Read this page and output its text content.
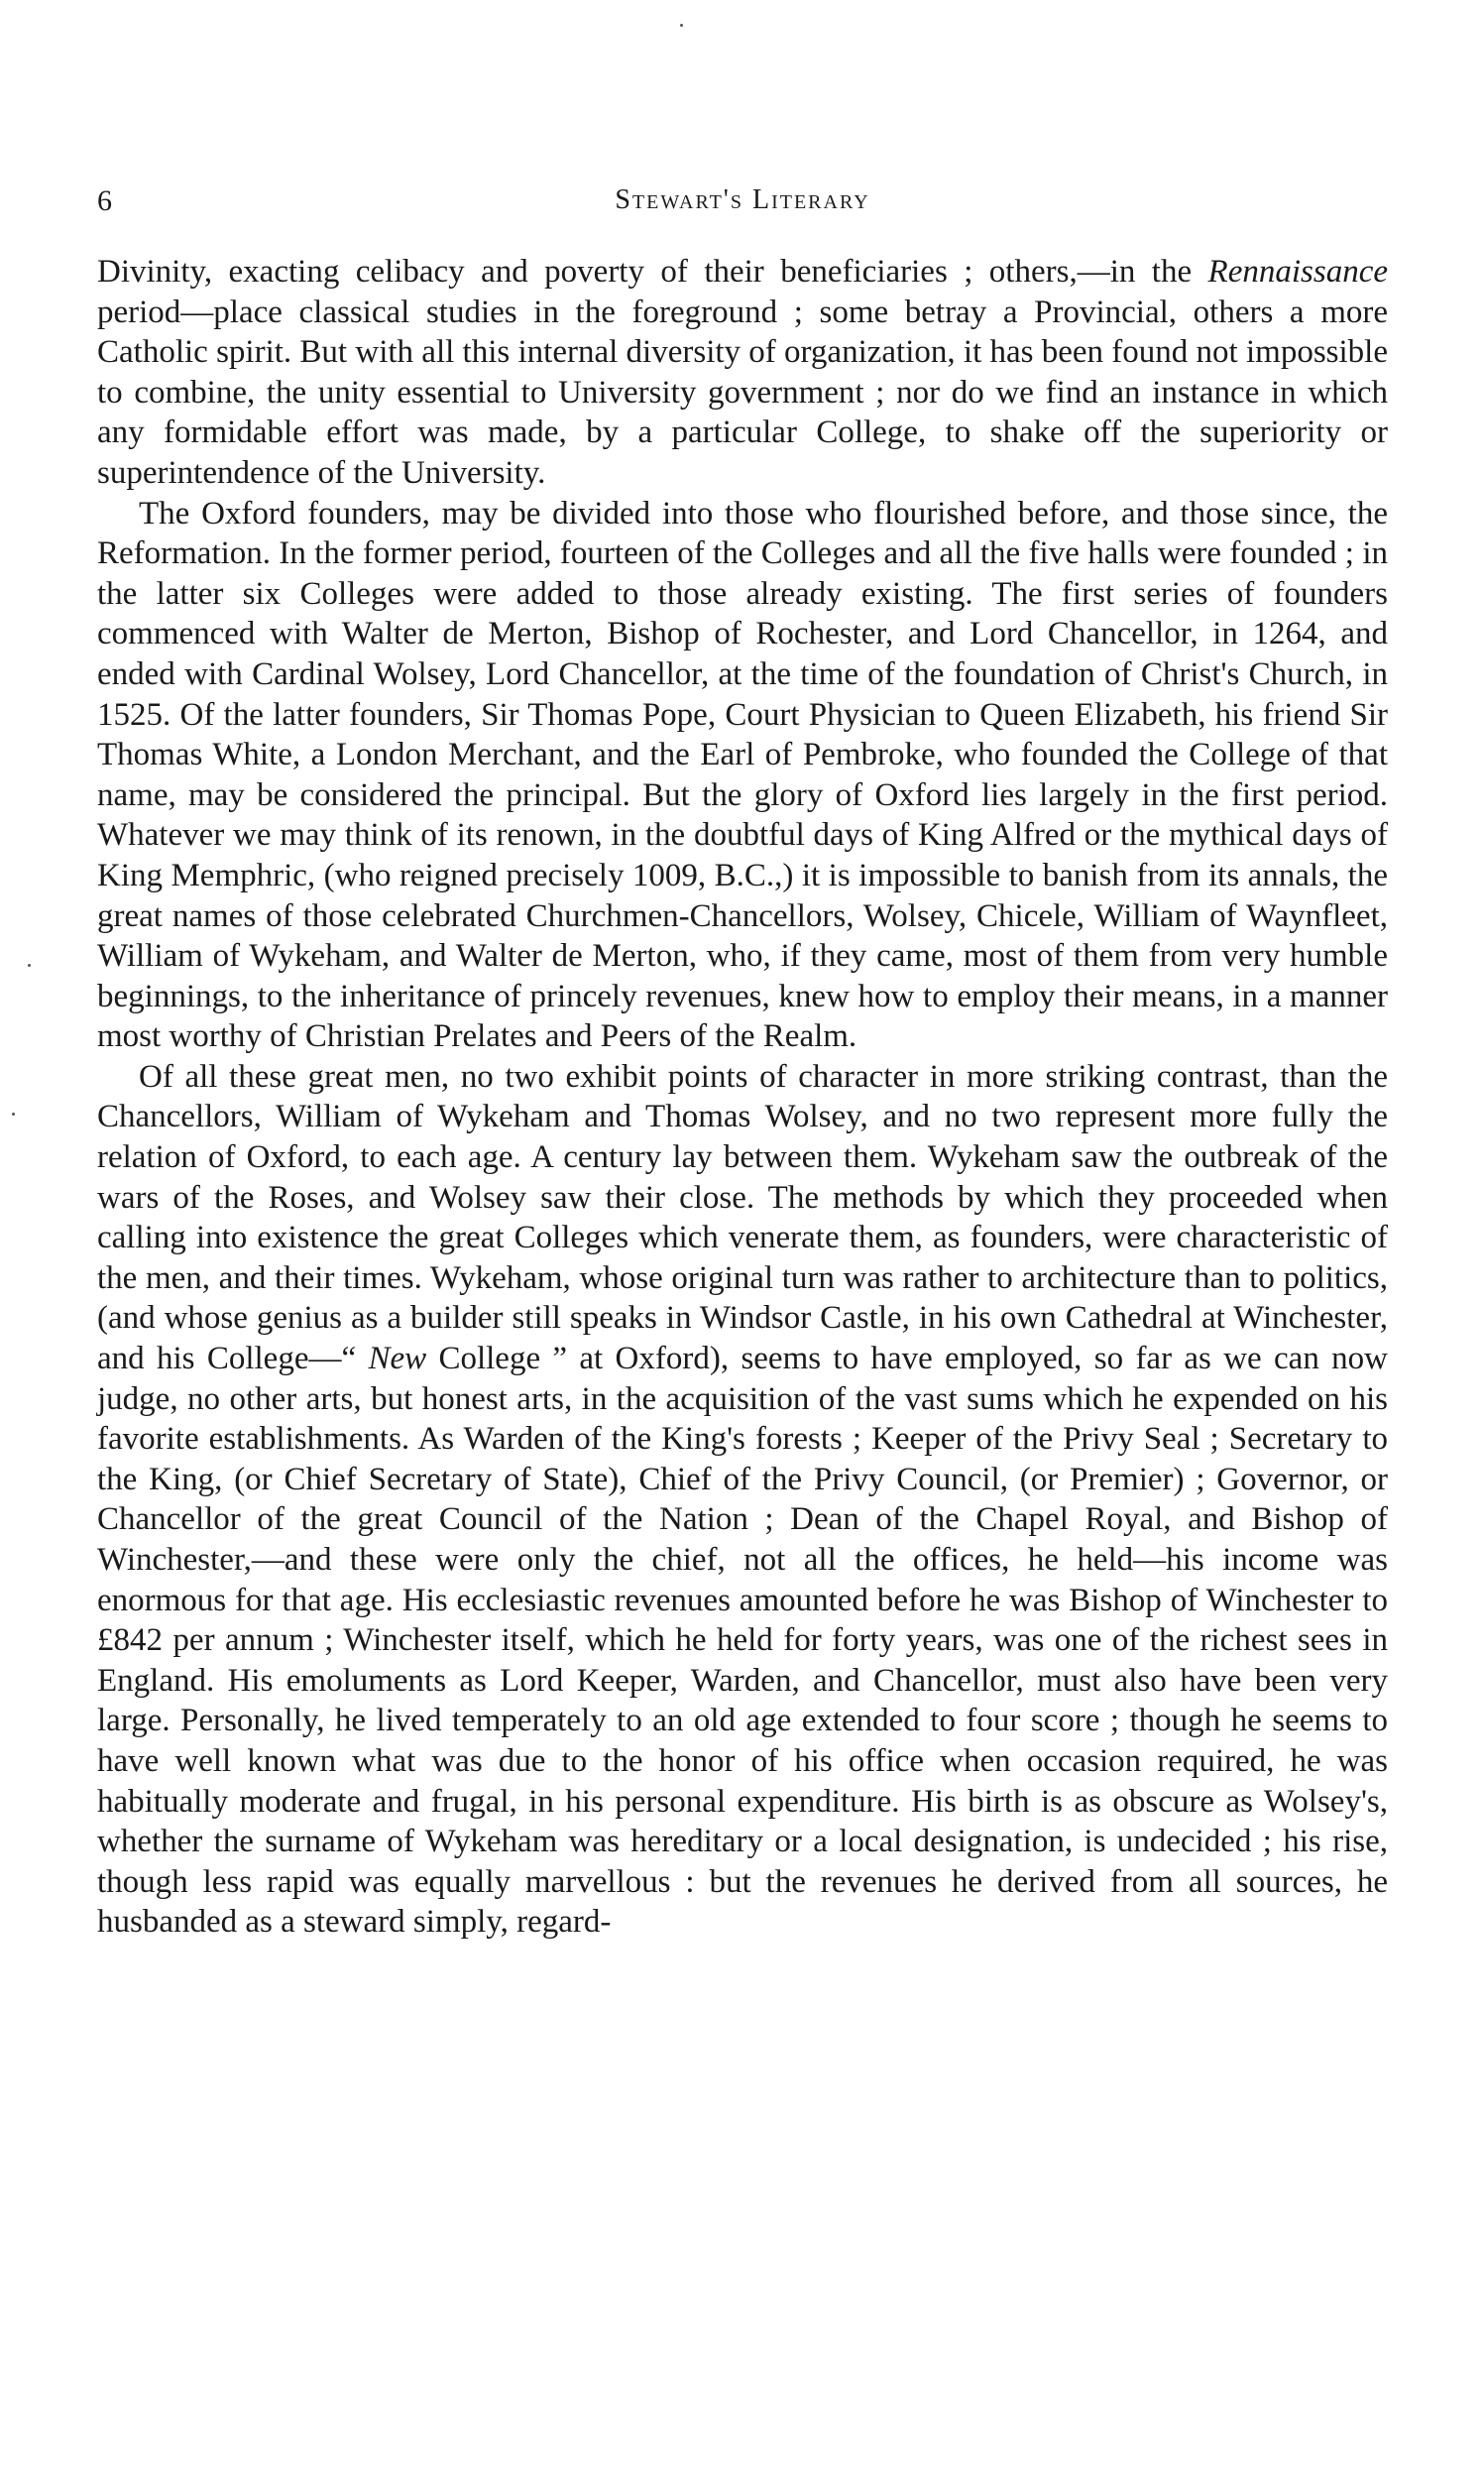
6	Stewart's Literary

Divinity, exacting celibacy and poverty of their beneficiaries ; others,—in the Rennaissance period—place classical studies in the foreground ; some betray a Provincial, others a more Catholic spirit. But with all this internal diversity of organization, it has been found not impossible to combine, the unity essential to University government ; nor do we find an instance in which any formidable effort was made, by a particular College, to shake off the superiority or superintendence of the University.

The Oxford founders, may be divided into those who flourished before, and those since, the Reformation. In the former period, fourteen of the Colleges and all the five halls were founded ; in the latter six Colleges were added to those already existing. The first series of founders commenced with Walter de Merton, Bishop of Rochester, and Lord Chancellor, in 1264, and ended with Cardinal Wolsey, Lord Chancellor, at the time of the foundation of Christ's Church, in 1525. Of the latter founders, Sir Thomas Pope, Court Physician to Queen Elizabeth, his friend Sir Thomas White, a London Merchant, and the Earl of Pembroke, who founded the College of that name, may be considered the principal. But the glory of Oxford lies largely in the first period. Whatever we may think of its renown, in the doubtful days of King Alfred or the mythical days of King Memphric, (who reigned precisely 1009, B.C.,) it is impossible to banish from its annals, the great names of those celebrated Churchmen-Chancellors, Wolsey, Chicele, William of Waynfleet, William of Wykeham, and Walter de Merton, who, if they came, most of them from very humble beginnings, to the inheritance of princely revenues, knew how to employ their means, in a manner most worthy of Christian Prelates and Peers of the Realm.

Of all these great men, no two exhibit points of character in more striking contrast, than the Chancellors, William of Wykeham and Thomas Wolsey, and no two represent more fully the relation of Oxford, to each age. A century lay between them. Wykeham saw the outbreak of the wars of the Roses, and Wolsey saw their close. The methods by which they proceeded when calling into existence the great Colleges which venerate them, as founders, were characteristic of the men, and their times. Wykeham, whose original turn was rather to architecture than to politics, (and whose genius as a builder still speaks in Windsor Castle, in his own Cathedral at Winchester, and his College—“ New College ” at Oxford), seems to have employed, so far as we can now judge, no other arts, but honest arts, in the acquisition of the vast sums which he expended on his favorite establishments. As Warden of the King's forests ; Keeper of the Privy Seal ; Secretary to the King, (or Chief Secretary of State), Chief of the Privy Council, (or Premier) ; Governor, or Chancellor of the great Council of the Nation ; Dean of the Chapel Royal, and Bishop of Winchester,—and these were only the chief, not all the offices, he held—his income was enormous for that age. His ecclesiastic revenues amounted before he was Bishop of Winchester to £842 per annum ; Winchester itself, which he held for forty years, was one of the richest sees in England. His emoluments as Lord Keeper, Warden, and Chancellor, must also have been very large. Personally, he lived temperately to an old age extended to four score ; though he seems to have well known what was due to the honor of his office when occasion required, he was habitually moderate and frugal, in his personal expenditure. His birth is as obscure as Wolsey's, whether the surname of Wykeham was hereditary or a local designation, is undecided ; his rise, though less rapid was equally marvellous : but the revenues he derived from all sources, he husbanded as a steward simply, regard-
